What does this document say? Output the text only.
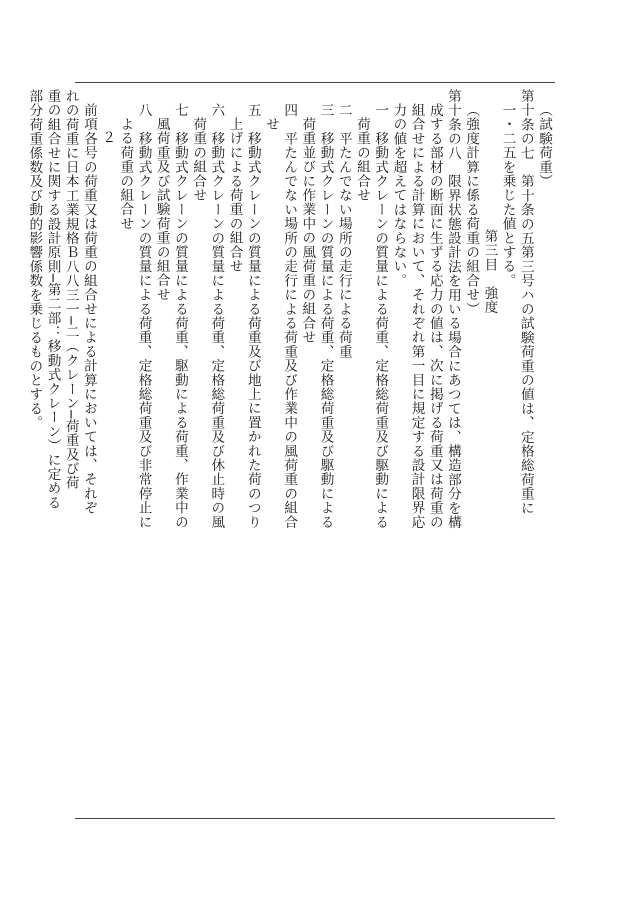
（試験荷重）
第十条の七　第十条の五第三号ハの試験荷重の値は、定格総荷重に
一・二五を乗じた値とする。
第三目　強度
（強度計算に係る荷重の組合せ）
第十条の八　限界状態設計法を用いる場合にあつては、構造部分を構
成する部材の断面に生ずる応力の値は、次に掲げる荷重又は荷重の
組合せによる計算において、それぞれ第一目に規定する設計限界応
力の値を超えてはならない。
一　移動式クレーンの質量による荷重、定格総荷重及び駆動による
荷重の組合せ
二　平たんでない場所の走行による荷重
三　移動式クレーンの質量による荷重、定格総荷重及び駆動による
荷重並びに作業中の風荷重の組合せ
四　平たんでない場所の走行による荷重及び作業中の風荷重の組合
せ
五　移動式クレーンの質量による荷重及び地上に置かれた荷のつり
上げによる荷重の組合せ
六　移動式クレーンの質量による荷重、定格総荷重及び休止時の風
荷重の組合せ
七　移動式クレーンの質量による荷重、駆動による荷重、作業中の
風荷重及び試験荷重の組合せ
八　移動式クレーンの質量による荷重、定格総荷重及び非常停止に
よる荷重の組合せ
２
前項各号の荷重又は荷重の組合せによる計算においては、それぞ
れの荷重に日本工業規格Ｂ八八三一─二（クレーン─荷重及び荷
重の組合せに関する設計原則─第二部：移動式クレーン）に定める
部分荷重係数及び動的影響係数を乗じるものとする。
